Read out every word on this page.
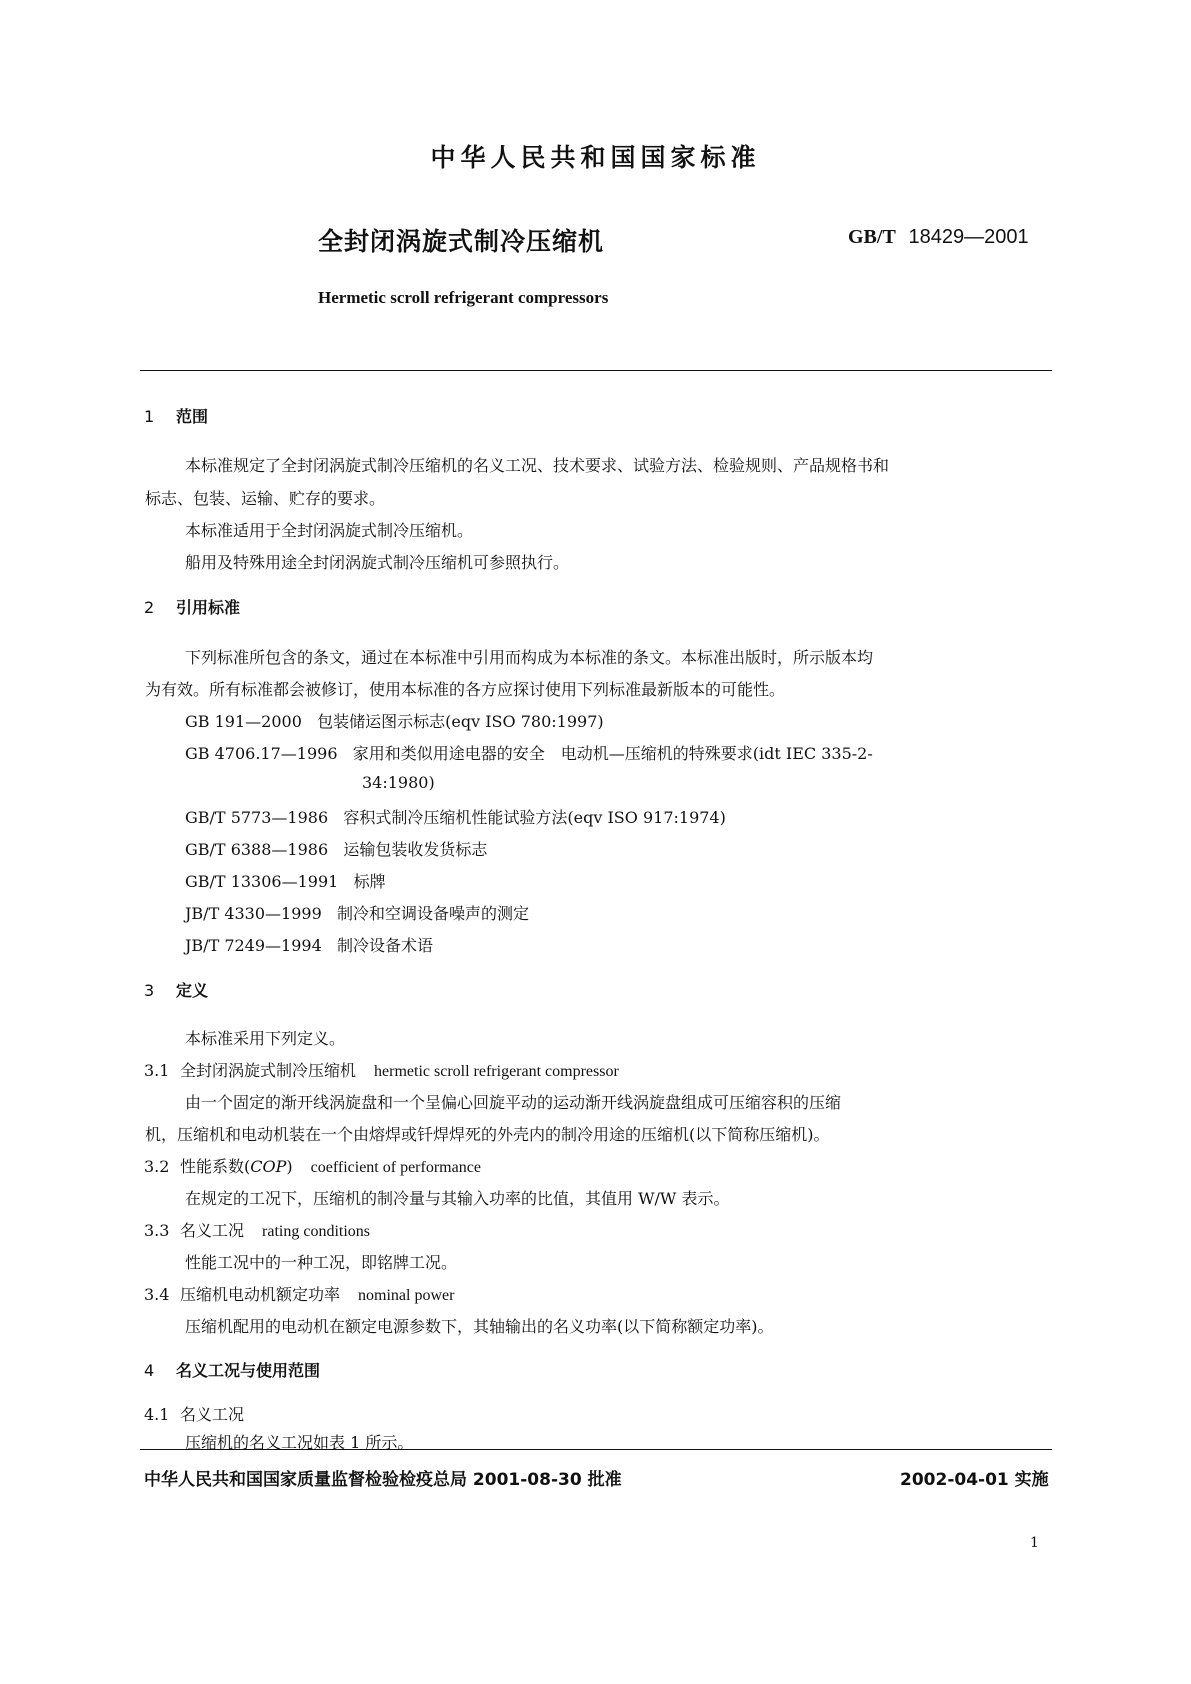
中华人民共和国国家标准
全封闭涡旋式制冷压缩机	GB/T 18429—2001
Hermetic scroll refrigerant compressors
1 范围
本标准规定了全封闭涡旋式制冷压缩机的名义工况、技术要求、试验方法、检验规则、产品规格书和
标志、包装、运输、贮存的要求。
本标准适用于全封闭涡旋式制冷压缩机。
船用及特殊用途全封闭涡旋式制冷压缩机可参照执行。
2 引用标准
下列标准所包含的条文，通过在本标准中引用而构成为本标准的条文。本标准出版时，所示版本均
为有效。所有标准都会被修订，使用本标准的各方应探讨使用下列标准最新版本的可能性。
GB 191—2000 包装储运图示标志(eqv ISO 780:1997)
GB 4706.17—1996 家用和类似用途电器的安全　电动机—压缩机的特殊要求(idt IEC 335-2-
34:1980)
GB/T 5773—1986 容积式制冷压缩机性能试验方法(eqv ISO 917:1974)
GB/T 6388—1986 运输包装收发货标志
GB/T 13306—1991 标牌
JB/T 4330—1999 制冷和空调设备噪声的测定
JB/T 7249—1994 制冷设备术语
3 定义
本标准采用下列定义。
3.1 全封闭涡旋式制冷压缩机 hermetic scroll refrigerant compressor
由一个固定的渐开线涡旋盘和一个呈偏心回旋平动的运动渐开线涡旋盘组成可压缩容积的压缩
机，压缩机和电动机装在一个由熔焊或钎焊焊死的外壳内的制冷用途的压缩机(以下简称压缩机)。
3.2 性能系数(COP) coefficient of performance
在规定的工况下，压缩机的制冷量与其输入功率的比值，其值用 W/W 表示。
3.3 名义工况 rating conditions
性能工况中的一种工况，即铭牌工况。
3.4 压缩机电动机额定功率 nominal power
压缩机配用的电动机在额定电源参数下，其轴输出的名义功率(以下简称额定功率)。
4 名义工况与使用范围
4.1 名义工况
压缩机的名义工况如表 1 所示。
中华人民共和国国家质量监督检验检疫总局 2001-08-30 批准	2002-04-01 实施
1
